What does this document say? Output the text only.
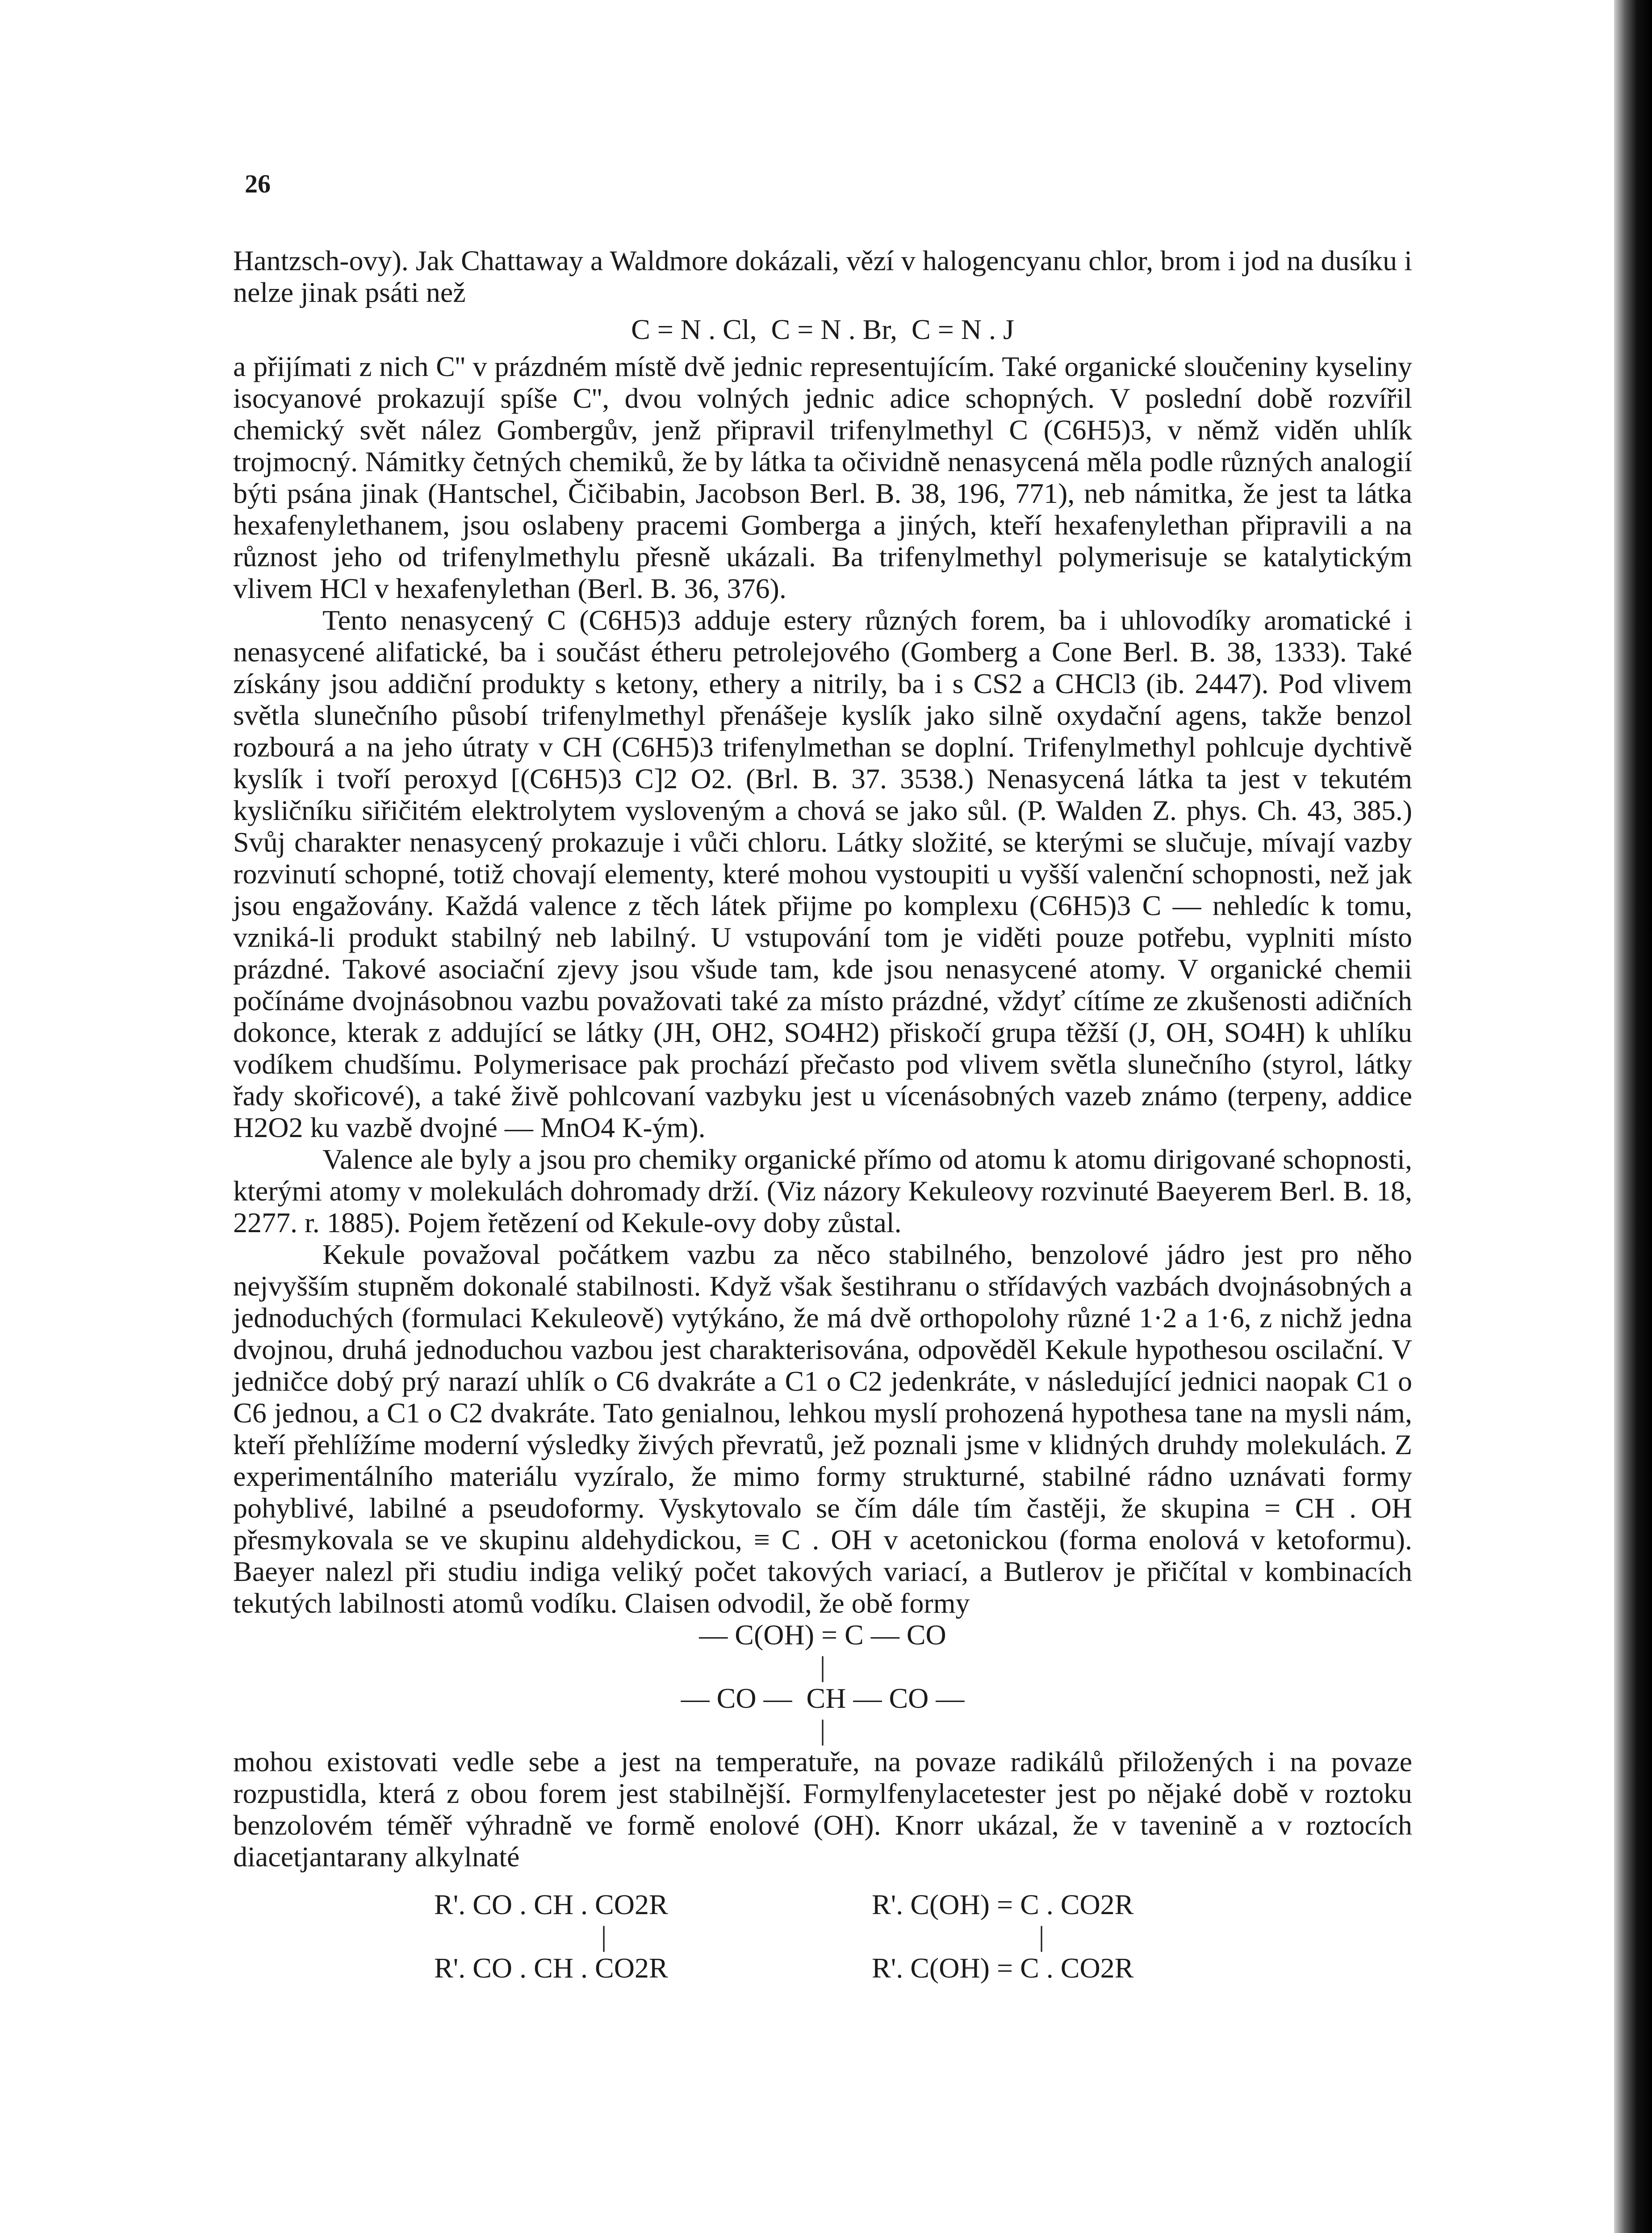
26

Hantzsch-ovy). Jak Chattaway a Waldmore dokázali, vězí v halogencyanu chlor, brom i jod na dusíku i nelze jinak psáti než

C = N . Cl,  C = N . Br,  C = N . J

a přijímati z nich C'' v prázdném místě dvě jednic representujícím. Také organické sloučeniny kyseliny isocyanové prokazují spíše C'', dvou volných jednic adice schopných. V poslední době rozvířil chemický svět nález Gombergův, jenž připravil trifenylmethyl C (C6H5)3, v němž viděn uhlík trojmocný. Námitky četných chemiků, že by látka ta očividně nenasycená měla podle různých analogií býti psána jinak (Hantschel, Čičibabin, Jacobson Berl. B. 38, 196, 771), neb námitka, že jest ta látka hexafenylethanem, jsou oslabeny pracemi Gomberga a jiných, kteří hexafenylethan připravili a na různost jeho od trifenylmethylu přesně ukázali. Ba trifenylmethyl polymerisuje se katalytickým vlivem HCl v hexafenylethan (Berl. B. 36, 376).

Tento nenasycený C (C6H5)3 adduje estery různých forem, ba i uhlovodíky aromatické i nenasycené alifatické, ba i součást étheru petrolejového (Gomberg a Cone Berl. B. 38, 1333). Také získány jsou addiční produkty s ketony, ethery a nitrily, ba i s CS2 a CHCl3 (ib. 2447). Pod vlivem světla slunečního působí trifenylmethyl přenášeje kyslík jako silně oxydační agens, takže benzol rozbourá a na jeho útraty v CH (C6H5)3 trifenylmethan se doplní. Trifenylmethyl pohlcuje dychtivě kyslík i tvoří peroxyd [(C6H5)3 C]2 O2. (Brl. B. 37. 3538.) Nenasycená látka ta jest v tekutém kysličníku siřičitém elektrolytem vysloveným a chová se jako sůl. (P. Walden Z. phys. Ch. 43, 385.) Svůj charakter nenasycený prokazuje i vůči chloru. Látky složité, se kterými se slučuje, mívají vazby rozvinutí schopné, totiž chovají elementy, které mohou vystoupiti u vyšší valenční schopnosti, než jak jsou engažovány. Každá valence z těch látek přijme po komplexu (C6H5)3 C — nehledíc k tomu, vzniká-li produkt stabilný neb labilný. U vstupování tom je viděti pouze potřebu, vyplniti místo prázdné. Takové asociační zjevy jsou všude tam, kde jsou nenasycené atomy. V organické chemii počínáme dvojnásobnou vazbu považovati také za místo prázdné, vždyť cítíme ze zkušenosti adičních dokonce, kterak z addující se látky (JH, OH2, SO4H2) přiskočí grupa těžší (J, OH, SO4H) k uhlíku vodíkem chudšímu. Polymerisace pak prochází přečasto pod vlivem světla slunečního (styrol, látky řady skořicové), a také živě pohlcovaní vazbyku jest u vícenásobných vazeb známo (terpeny, addice H2O2 ku vazbě dvojné — MnO4 K-ým).

Valence ale byly a jsou pro chemiky organické přímo od atomu k atomu dirigované schopnosti, kterými atomy v molekulách dohromady drží. (Viz názory Kekuleovy rozvinuté Baeyerem Berl. B. 18, 2277. r. 1885). Pojem řetězení od Kekule-ovy doby zůstal.

Kekule považoval počátkem vazbu za něco stabilného, benzolové jádro jest pro něho nejvyšším stupněm dokonalé stabilnosti. Když však šestihranu o střídavých vazbách dvojnásobných a jednoduchých (formulaci Kekuleově) vytýkáno, že má dvě orthopolohy různé 1·2 a 1·6, z nichž jedna dvojnou, druhá jednoduchou vazbou jest charakterisována, odpověděl Kekule hypothesou oscilační. V jedničce dobý prý narazí uhlík o C6 dvakráte a C1 o C2 jedenkráte, v následující jednici naopak C1 o C6 jednou, a C1 o C2 dvakráte. Tato genialnou, lehkou myslí prohozená hypothesa tane na mysli nám, kteří přehlížíme moderní výsledky živých převratů, jež poznali jsme v klidných druhdy molekulách. Z experimentálního materiálu vyzíralo, že mimo formy strukturné, stabilné rádno uznávati formy pohyblivé, labilné a pseudoformy. Vyskytovalo se čím dále tím častěji, že skupina = CH . OH přesmykovala se ve skupinu aldehydickou, ≡ C . OH v acetonickou (forma enolová v ketoformu). Baeyer nalezl při studiu indiga veliký počet takových variací, a Butlerov je přičítal v kombinacích tekutých labilnosti atomů vodíku. Claisen odvodil, že obě formy

— C(OH) = C — CO
|
— CO —  CH — CO —
|

mohou existovati vedle sebe a jest na temperatuře, na povaze radikálů přiložených i na povaze rozpustidla, která z obou forem jest stabilnější. Formylfenylacetester jest po nějaké době v roztoku benzolovém téměř výhradně ve formě enolové (OH). Knorr ukázal, že v tavenině a v roztocích diacetjantarany alkylnaté

R'. CO . CH . CO2R	R'. C(OH) = C . CO2R
|	|
R'. CO . CH . CO2R	R'. C(OH) = C . CO2R
